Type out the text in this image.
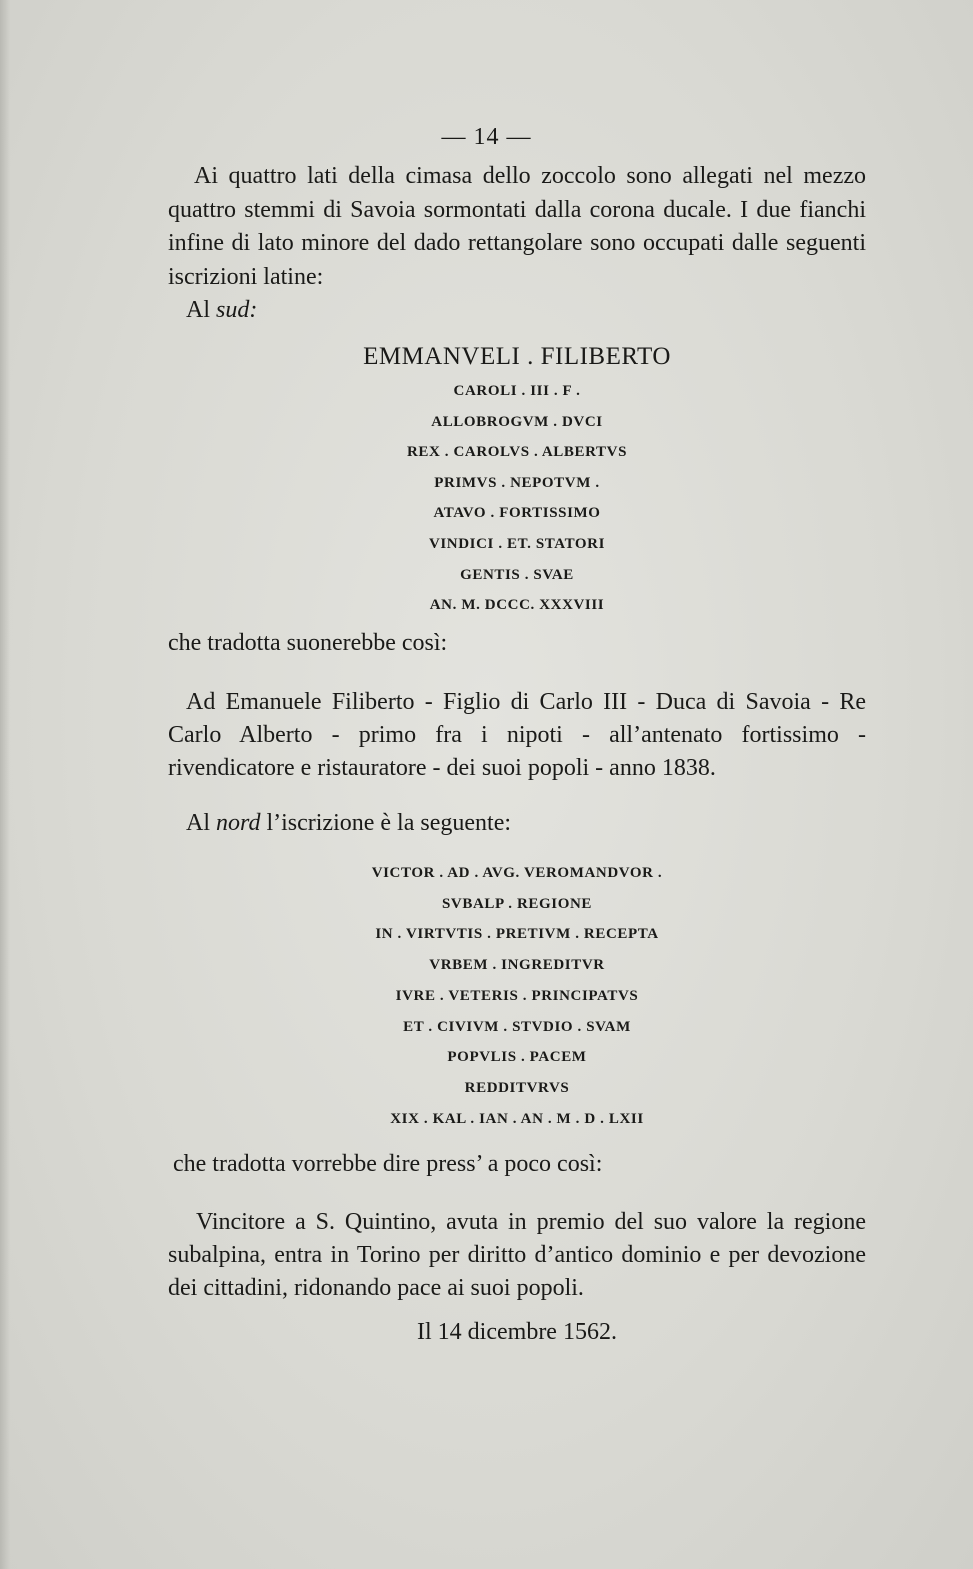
— 14 —

Ai quattro lati della cimasa dello zoccolo sono allegati nel mezzo quattro stemmi di Savoia sormontati dalla corona ducale. I due fianchi infine di lato minore del dado rettangolare sono occupati dalle seguenti iscrizioni latine:

Al sud:

EMMANVELI . FILIBERTO
CAROLI . III . F .
ALLOBROGVM . DVCI
REX . CAROLVS . ALBERTVS
PRIMVS . NEPOTVM .
ATAVO . FORTISSIMO
VINDICI . ET. STATORI
GENTIS . SVAE
AN. M. DCCC. XXXVIII

che tradotta suonerebbe così:

Ad Emanuele Filiberto - Figlio di Carlo III - Duca di Savoia - Re Carlo Alberto - primo fra i nipoti - all’antenato fortissimo - rivendicatore e ristauratore - dei suoi popoli - anno 1838.

Al nord l’iscrizione è la seguente:

VICTOR . AD . AVG. VEROMANDVOR .
SVBALP . REGIONE
IN . VIRTVTIS . PRETIVM . RECEPTA
VRBEM . INGREDITVR
IVRE . VETERIS . PRINCIPATVS
ET . CIVIVM . STVDIO . SVAM
POPVLIS . PACEM
REDDITVRVS
XIX . KAL . IAN . AN . M . D . LXII

che tradotta vorrebbe dire press’ a poco così:

Vincitore a S. Quintino, avuta in premio del suo valore la regione subalpina, entra in Torino per diritto d’antico dominio e per devozione dei cittadini, ridonando pace ai suoi popoli.

Il 14 dicembre 1562.
